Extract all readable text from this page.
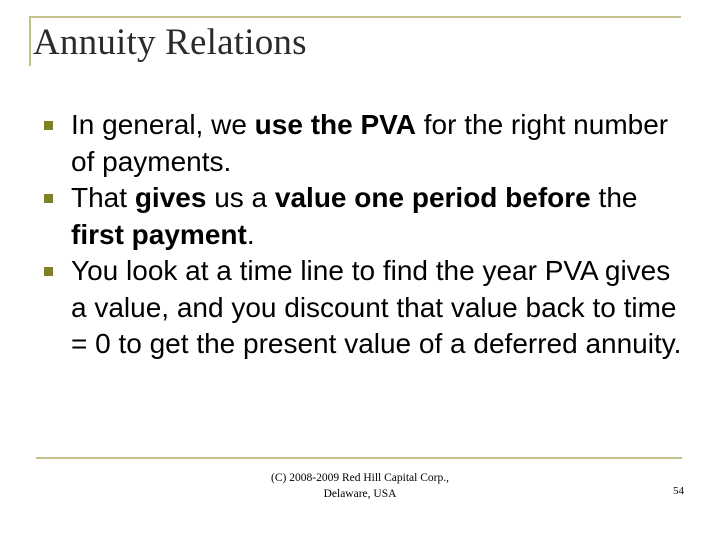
Annuity Relations
In general, we use the PVA for the right number of payments.
That gives us a value one period before the first payment.
You look at a time line to find the year PVA gives a value, and you discount that value back to time = 0 to get the present value of a deferred annuity.
(C) 2008-2009 Red Hill Capital Corp.,
Delaware, USA	54
